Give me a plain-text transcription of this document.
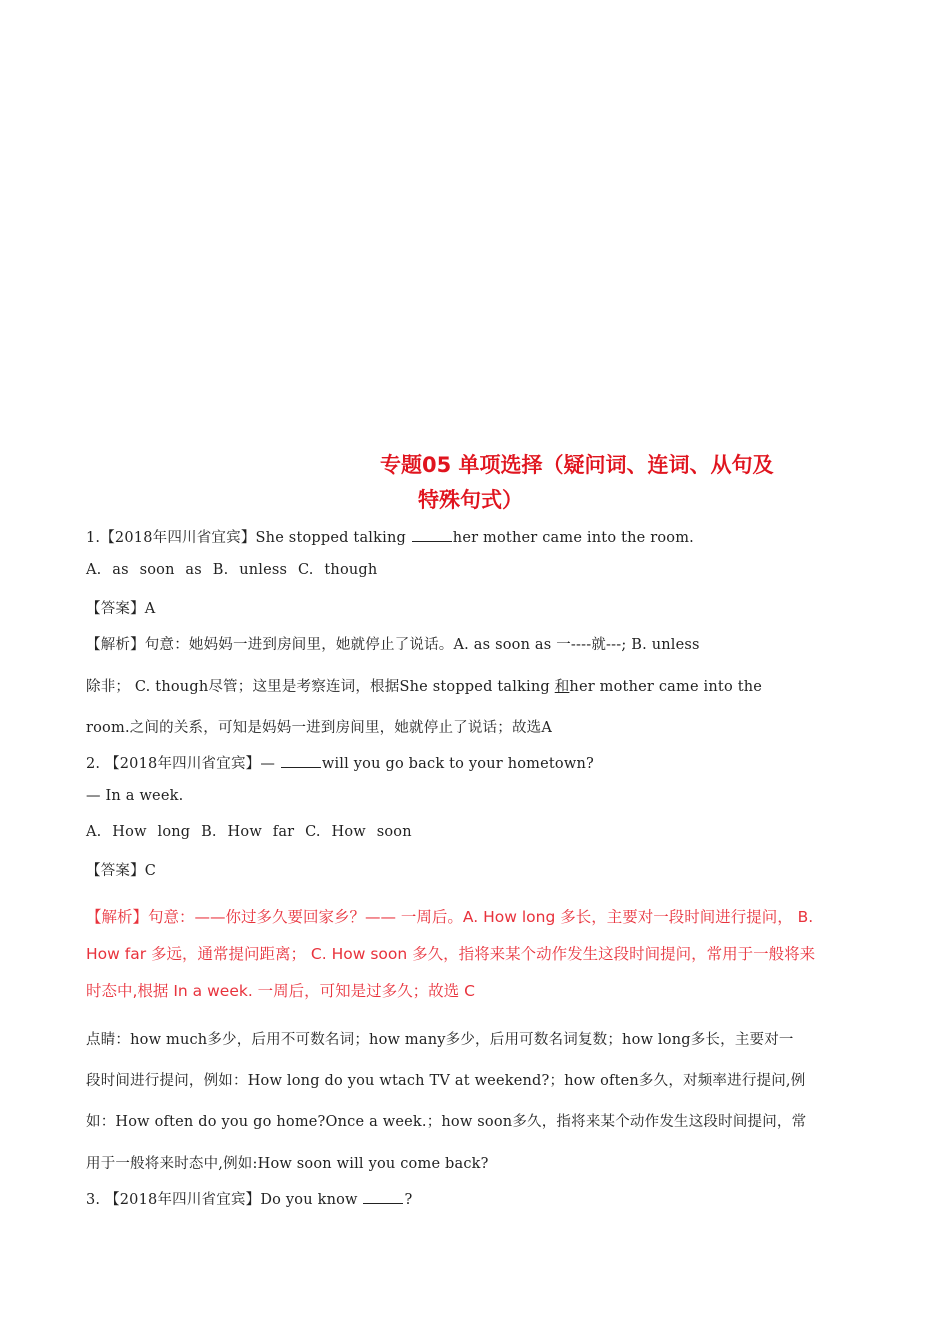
专题05 单项选择（疑问词、连词、从句及
特殊句式）
1.【2018年四川省宜宾】She stopped talking	her mother came into the room.
A. as soon as B. unless C. though
【答案】A
【解析】句意：她妈妈一进到房间里，她就停止了说话。A. as soon as 一----就---; B. unless
除非； C. though尽管；这里是考察连词，根据She stopped talking 和her mother came into the
room.之间的关系，可知是妈妈一进到房间里，她就停止了说话；故选A
2. 【2018年四川省宜宾】—	will you go back to your hometown?
— In a week.
A. How long B. How far C. How soon
【答案】C
【解析】句意：——你过多久要回家乡？—— 一周后。A. How long 多长，主要对一段时间进行提问， B.
How far 多远，通常提问距离； C. How soon 多久，指将来某个动作发生这段时间提问，常用于一般将来
时态中,根据 In a week. 一周后，可知是过多久；故选 C
点睛：how much多少，后用不可数名词；how many多少，后用可数名词复数；how long多长，主要对一
段时间进行提问，例如：How long do you wtach TV at weekend?；how often多久，对频率进行提问,例
如：How often do you go home?Once a week.；how soon多久，指将来某个动作发生这段时间提问，常
用于一般将来时态中,例如:How soon will you come back?
3. 【2018年四川省宜宾】Do you know	?
